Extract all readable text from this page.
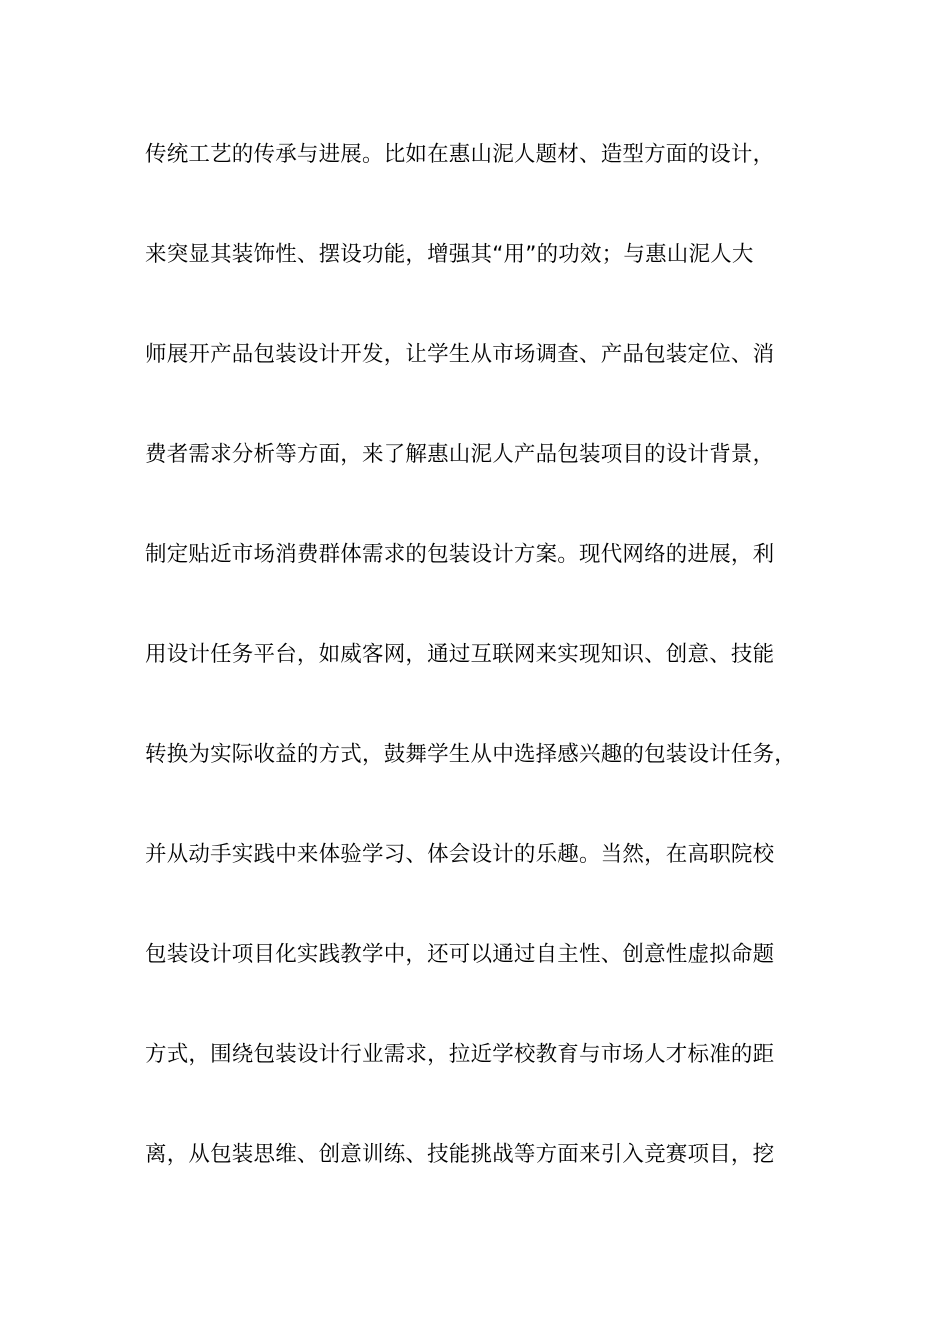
传统工艺的传承与进展。比如在惠山泥人题材、造型方面的设计，
来突显其装饰性、摆设功能，增强其“用”的功效；与惠山泥人大
师展开产品包装设计开发，让学生从市场调查、产品包装定位、消
费者需求分析等方面，来了解惠山泥人产品包装项目的设计背景，
制定贴近市场消费群体需求的包装设计方案。现代网络的进展，利
用设计任务平台，如威客网，通过互联网来实现知识、创意、技能
转换为实际收益的方式，鼓舞学生从中选择感兴趣的包装设计任务，
并从动手实践中来体验学习、体会设计的乐趣。当然，在高职院校
包装设计项目化实践教学中，还可以通过自主性、创意性虚拟命题
方式，围绕包装设计行业需求，拉近学校教育与市场人才标准的距
离，从包装思维、创意训练、技能挑战等方面来引入竞赛项目，挖
